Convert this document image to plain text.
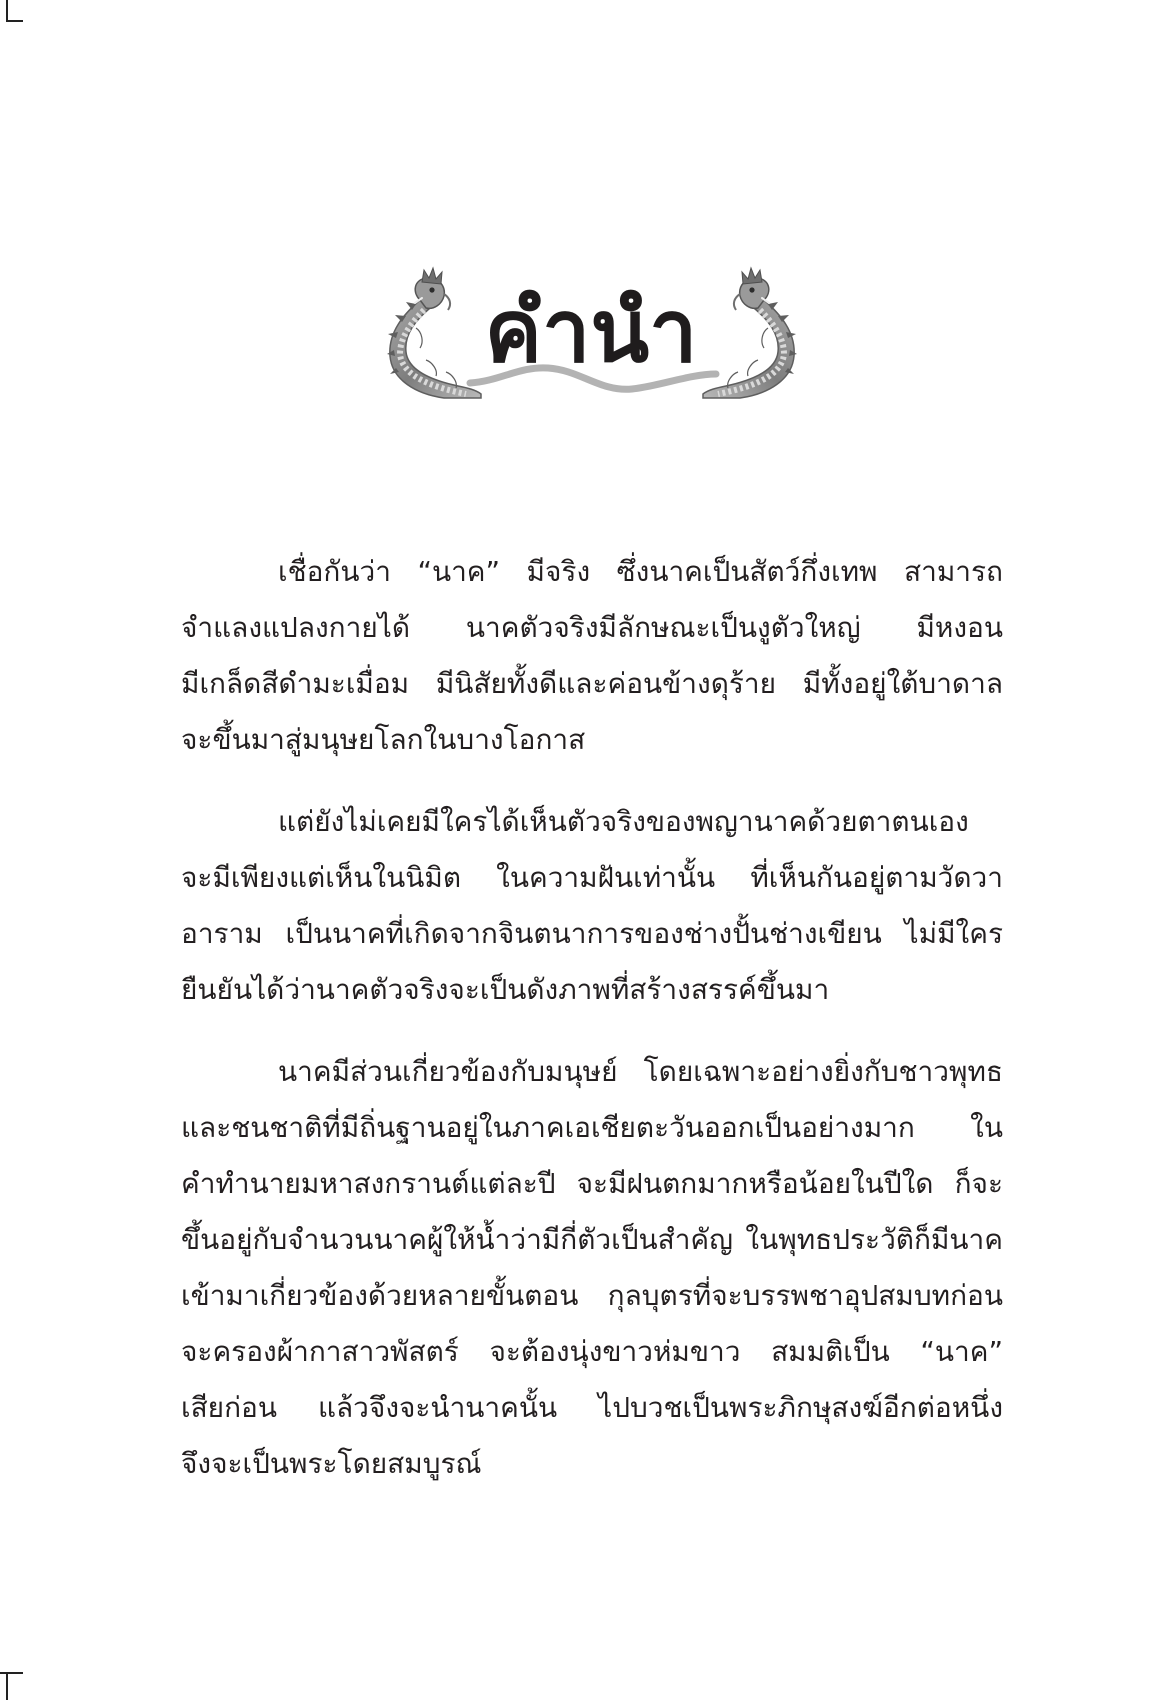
คำนำ
เชื่อกันว่า “นาค” มีจริง ซึ่งนาคเป็นสัตว์กึ่งเทพ สามารถ
จำแลงแปลงกายได้ นาคตัวจริงมีลักษณะเป็นงูตัวใหญ่ มีหงอน
มีเกล็ดสีดำมะเมื่อม มีนิสัยทั้งดีและค่อนข้างดุร้าย มีทั้งอยู่ใต้บาดาล
จะขึ้นมาสู่มนุษยโลกในบางโอกาส
แต่ยังไม่เคยมีใครได้เห็นตัวจริงของพญานาคด้วยตาตนเอง
จะมีเพียงแต่เห็นในนิมิต ในความฝันเท่านั้น ที่เห็นกันอยู่ตามวัดวา
อาราม เป็นนาคที่เกิดจากจินตนาการของช่างปั้นช่างเขียน ไม่มีใคร
ยืนยันได้ว่านาคตัวจริงจะเป็นดังภาพที่สร้างสรรค์ขึ้นมา
นาคมีส่วนเกี่ยวข้องกับมนุษย์ โดยเฉพาะอย่างยิ่งกับชาวพุทธ
และชนชาติที่มีถิ่นฐานอยู่ในภาคเอเชียตะวันออกเป็นอย่างมาก ใน
คำทำนายมหาสงกรานต์แต่ละปี จะมีฝนตกมากหรือน้อยในปีใด ก็จะ
ขึ้นอยู่กับจำนวนนาคผู้ให้น้ำว่ามีกี่ตัวเป็นสำคัญ ในพุทธประวัติก็มีนาค
เข้ามาเกี่ยวข้องด้วยหลายขั้นตอน กุลบุตรที่จะบรรพชาอุปสมบทก่อน
จะครองผ้ากาสาวพัสตร์ จะต้องนุ่งขาวห่มขาว สมมติเป็น “นาค”
เสียก่อน แล้วจึงจะนำนาคนั้น ไปบวชเป็นพระภิกษุสงฆ์อีกต่อหนึ่ง
จึงจะเป็นพระโดยสมบูรณ์
